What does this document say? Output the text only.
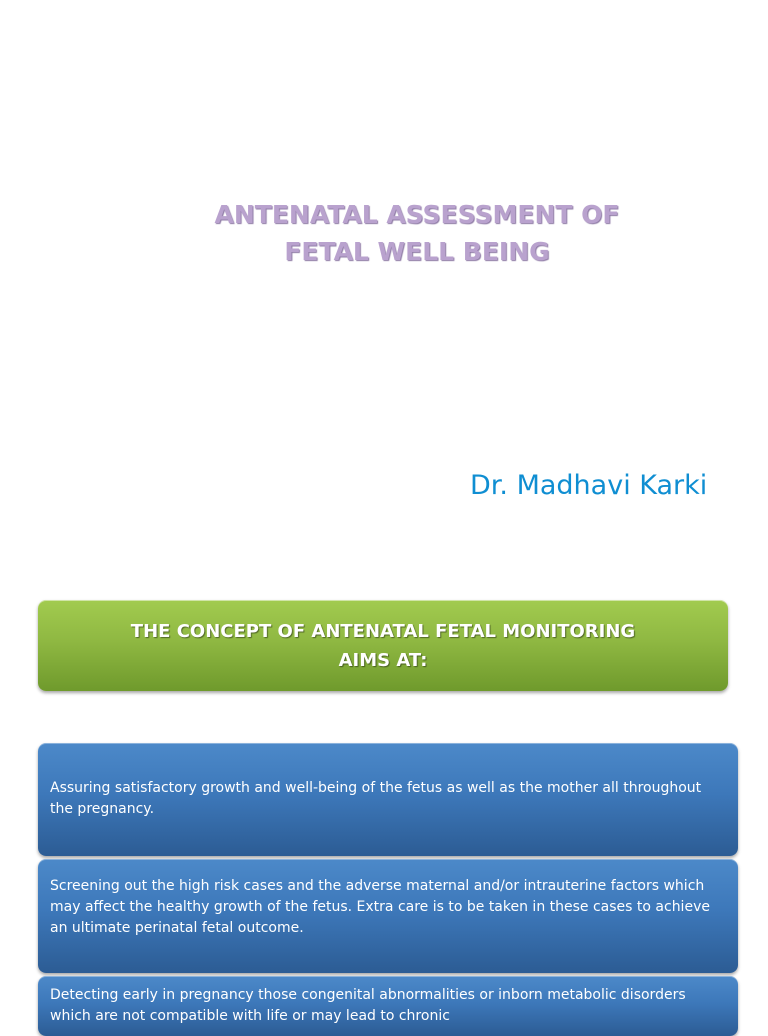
ANTENATAL ASSESSMENT OF
FETAL WELL BEING
Dr. Madhavi Karki
THE CONCEPT OF ANTENATAL FETAL MONITORING
AIMS AT:
Assuring satisfactory growth and well-being of the fetus as well as the mother all throughout the pregnancy.
Screening out the high risk cases and the adverse maternal and/or intrauterine factors which may affect the healthy growth of the fetus. Extra care is to be taken in these cases to achieve an ultimate perinatal fetal outcome.
Detecting early in pregnancy those congenital abnormalities or inborn metabolic disorders which are not compatible with life or may lead to chronic
